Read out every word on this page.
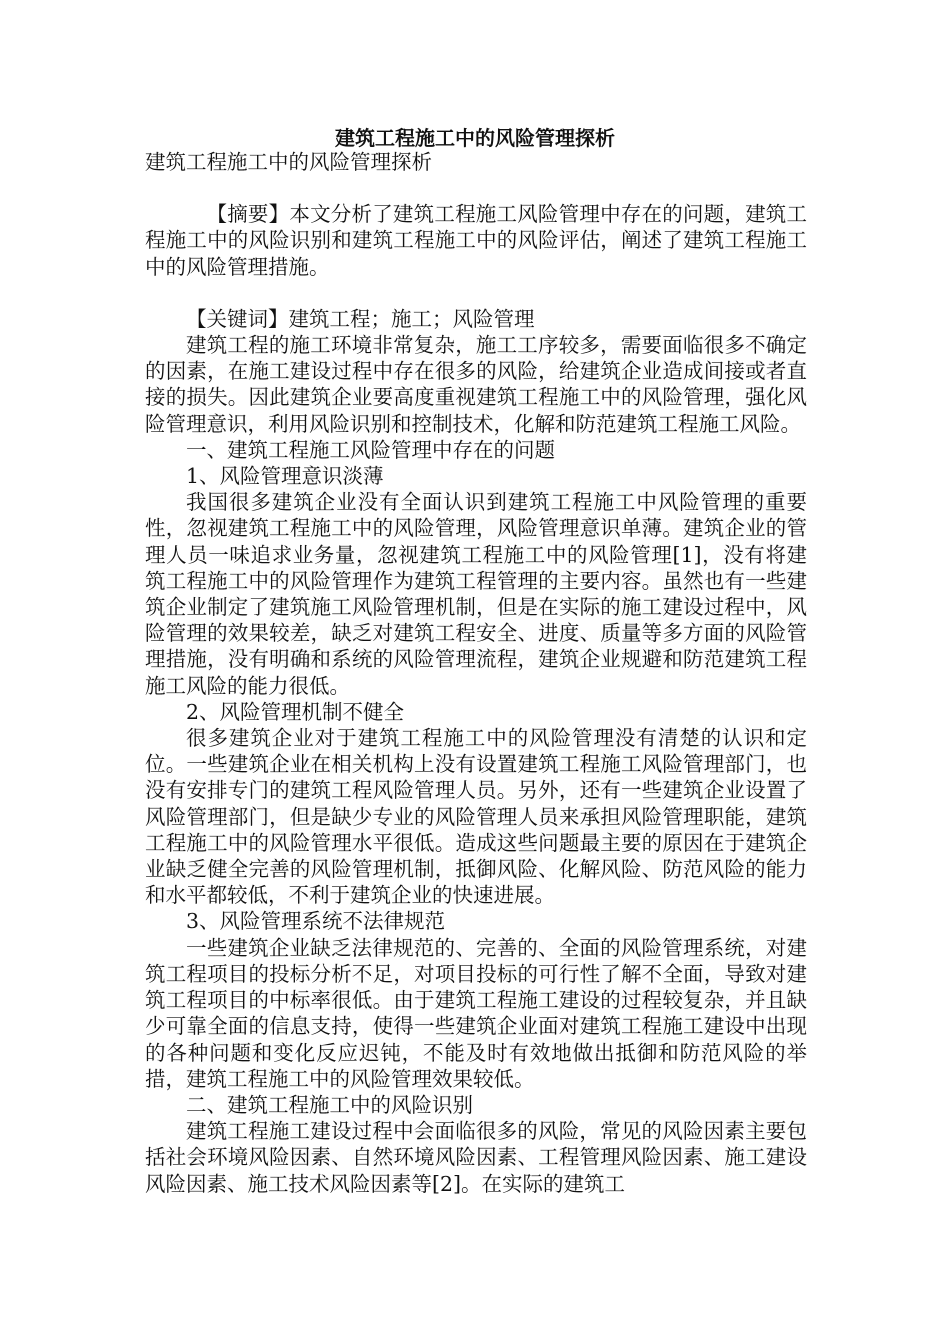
建筑工程施工中的风险管理探析

建筑工程施工中的风险管理探析

【摘要】本文分析了建筑工程施工风险管理中存在的问题，建筑工程施工中的风险识别和建筑工程施工中的风险评估，阐述了建筑工程施工中的风险管理措施。

【关键词】建筑工程；施工；风险管理

建筑工程的施工环境非常复杂，施工工序较多，需要面临很多不确定的因素，在施工建设过程中存在很多的风险，给建筑企业造成间接或者直接的损失。因此建筑企业要高度重视建筑工程施工中的风险管理，强化风险管理意识，利用风险识别和控制技术，化解和防范建筑工程施工风险。

一、建筑工程施工风险管理中存在的问题

1、风险管理意识淡薄

我国很多建筑企业没有全面认识到建筑工程施工中风险管理的重要性，忽视建筑工程施工中的风险管理，风险管理意识单薄。建筑企业的管理人员一味追求业务量，忽视建筑工程施工中的风险管理[1]，没有将建筑工程施工中的风险管理作为建筑工程管理的主要内容。虽然也有一些建筑企业制定了建筑施工风险管理机制，但是在实际的施工建设过程中，风险管理的效果较差，缺乏对建筑工程安全、进度、质量等多方面的风险管理措施，没有明确和系统的风险管理流程，建筑企业规避和防范建筑工程施工风险的能力很低。

2、风险管理机制不健全

很多建筑企业对于建筑工程施工中的风险管理没有清楚的认识和定位。一些建筑企业在相关机构上没有设置建筑工程施工风险管理部门，也没有安排专门的建筑工程风险管理人员。另外，还有一些建筑企业设置了风险管理部门，但是缺少专业的风险管理人员来承担风险管理职能，建筑工程施工中的风险管理水平很低。造成这些问题最主要的原因在于建筑企业缺乏健全完善的风险管理机制，抵御风险、化解风险、防范风险的能力和水平都较低，不利于建筑企业的快速进展。

3、风险管理系统不法律规范

一些建筑企业缺乏法律规范的、完善的、全面的风险管理系统，对建筑工程项目的投标分析不足，对项目投标的可行性了解不全面，导致对建筑工程项目的中标率很低。由于建筑工程施工建设的过程较复杂，并且缺少可靠全面的信息支持，使得一些建筑企业面对建筑工程施工建设中出现的各种问题和变化反应迟钝，不能及时有效地做出抵御和防范风险的举措，建筑工程施工中的风险管理效果较低。

二、建筑工程施工中的风险识别

建筑工程施工建设过程中会面临很多的风险，常见的风险因素主要包括社会环境风险因素、自然环境风险因素、工程管理风险因素、施工建设风险因素、施工技术风险因素等[2]。在实际的建筑工
